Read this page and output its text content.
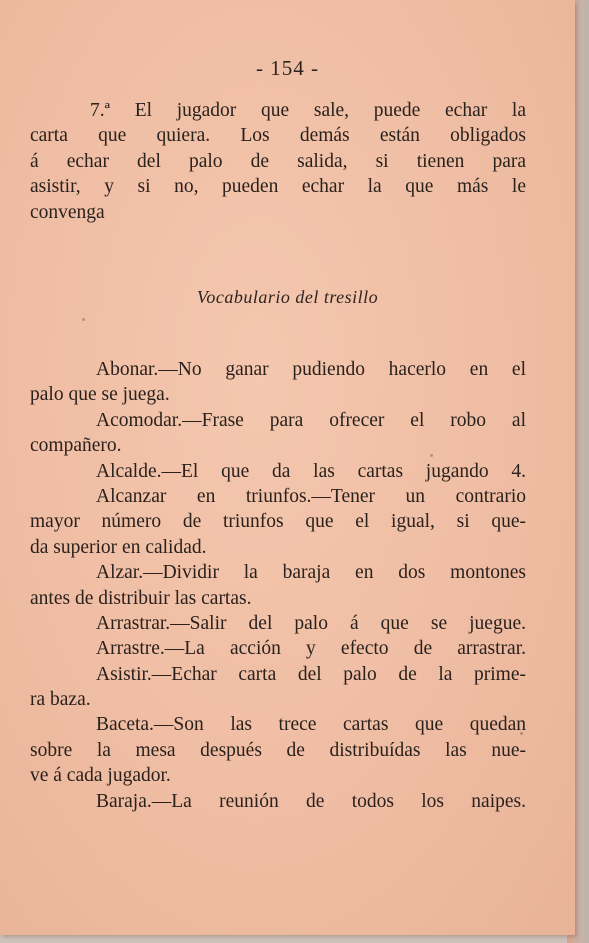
- 154 -
7.ª El jugador que sale, puede echar la
carta que quiera. Los demás están obligados
á echar del palo de salida, si tienen para
asistir, y si no, pueden echar la que más le
convenga
Vocabulario del tresillo
Abonar.—No ganar pudiendo hacerlo en el
palo que se juega.
Acomodar.—Frase para ofrecer el robo al
compañero.
Alcalde.—El que da las cartas jugando 4.
Alcanzar en triunfos.—Tener un contrario
mayor número de triunfos que el igual, si que-
da superior en calidad.
Alzar.—Dividir la baraja en dos montones
antes de distribuir las cartas.
Arrastrar.—Salir del palo á que se juegue.
Arrastre.—La acción y efecto de arrastrar.
Asistir.—Echar carta del palo de la prime-
ra baza.
Baceta.—Son las trece cartas que quedan
sobre la mesa después de distribuídas las nue-
ve á cada jugador.
Baraja.—La reunión de todos los naipes.
